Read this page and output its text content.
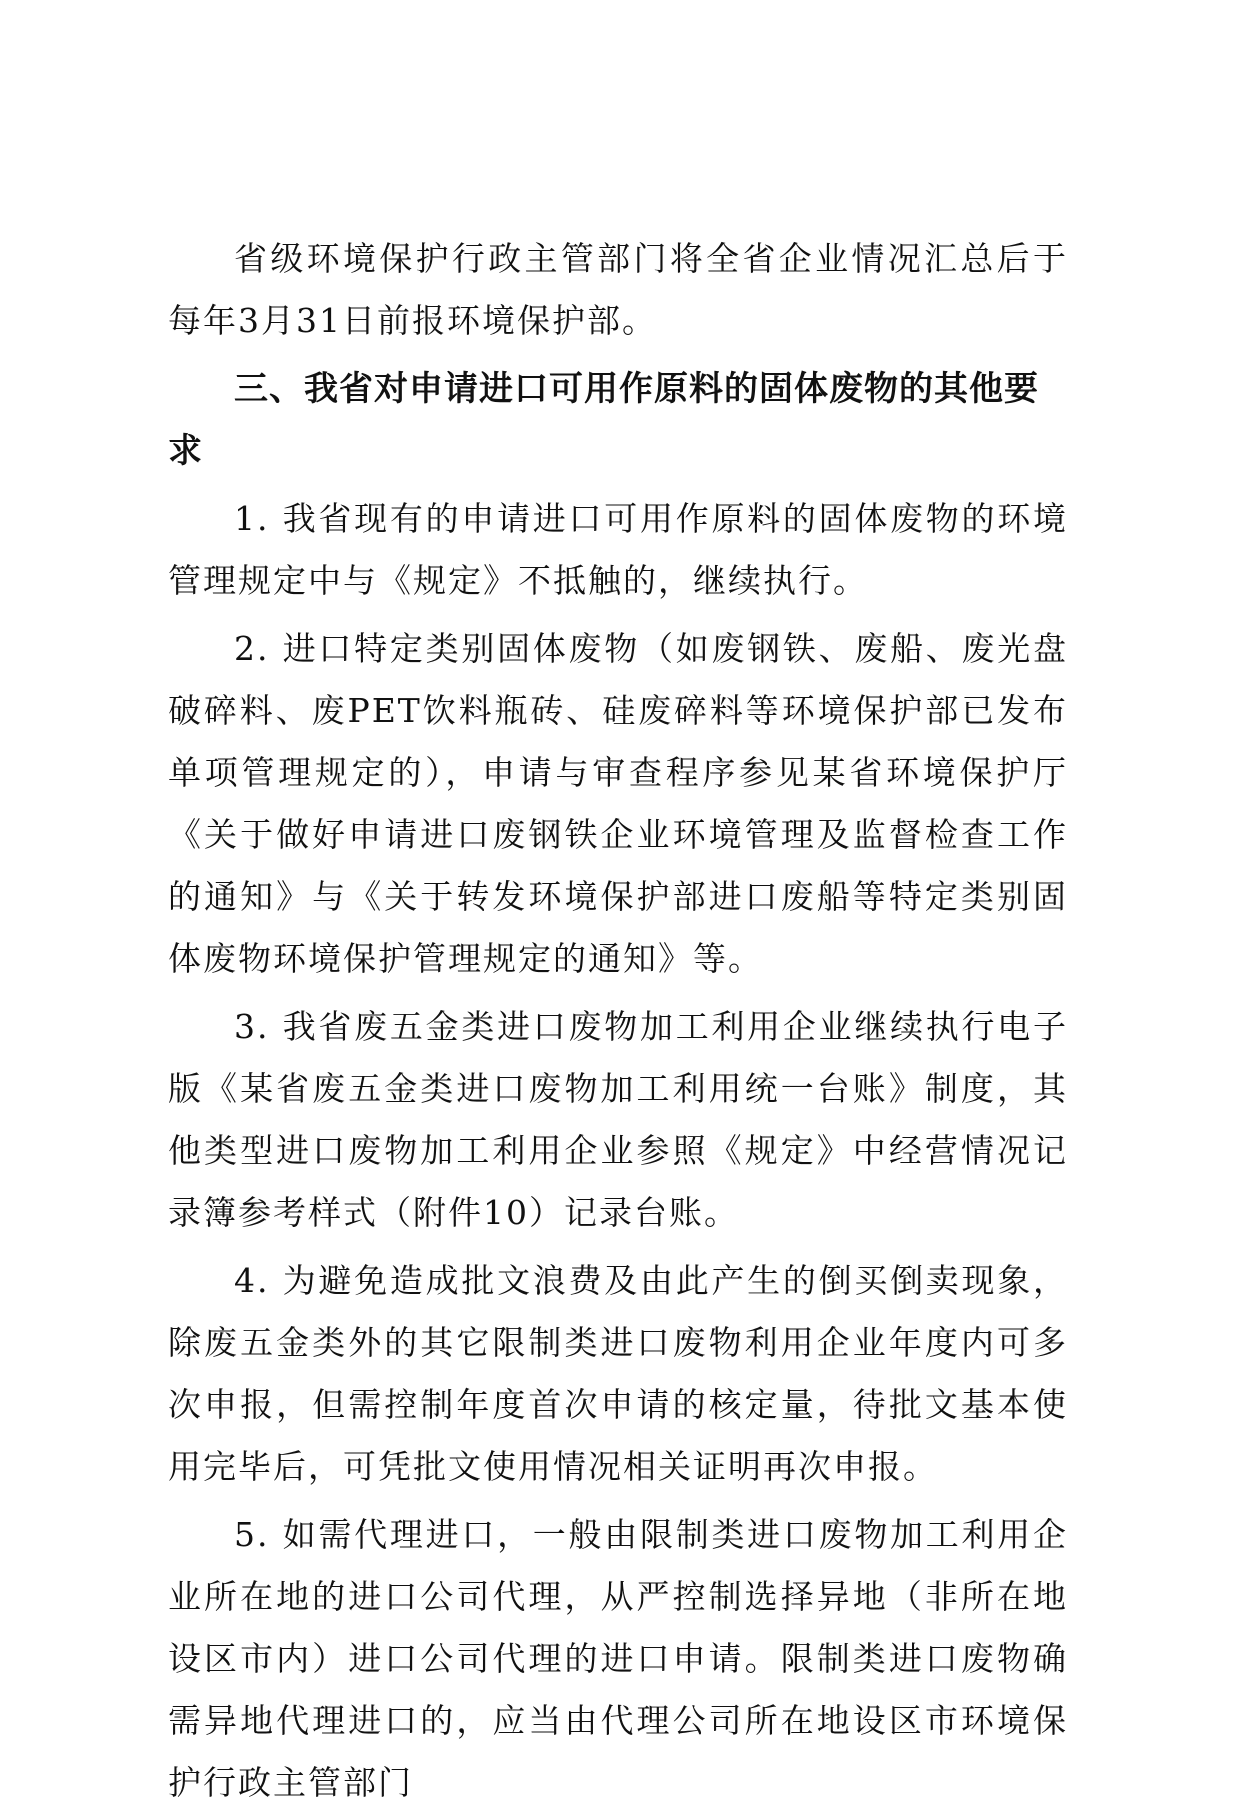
省级环境保护行政主管部门将全省企业情况汇总后于每年3月31日前报环境保护部。

三、我省对申请进口可用作原料的固体废物的其他要求

1. 我省现有的申请进口可用作原料的固体废物的环境管理规定中与《规定》不抵触的，继续执行。

2. 进口特定类别固体废物（如废钢铁、废船、废光盘破碎料、废PET饮料瓶砖、硅废碎料等环境保护部已发布单项管理规定的），申请与审查程序参见某省环境保护厅《关于做好申请进口废钢铁企业环境管理及监督检查工作的通知》与《关于转发环境保护部进口废船等特定类别固体废物环境保护管理规定的通知》等。

3. 我省废五金类进口废物加工利用企业继续执行电子版《某省废五金类进口废物加工利用统一台账》制度，其他类型进口废物加工利用企业参照《规定》中经营情况记录簿参考样式（附件10）记录台账。

4. 为避免造成批文浪费及由此产生的倒买倒卖现象，除废五金类外的其它限制类进口废物利用企业年度内可多次申报，但需控制年度首次申请的核定量，待批文基本使用完毕后，可凭批文使用情况相关证明再次申报。

5. 如需代理进口，一般由限制类进口废物加工利用企业所在地的进口公司代理，从严控制选择异地（非所在地设区市内）进口公司代理的进口申请。限制类进口废物确需异地代理进口的，应当由代理公司所在地设区市环境保护行政主管部门
